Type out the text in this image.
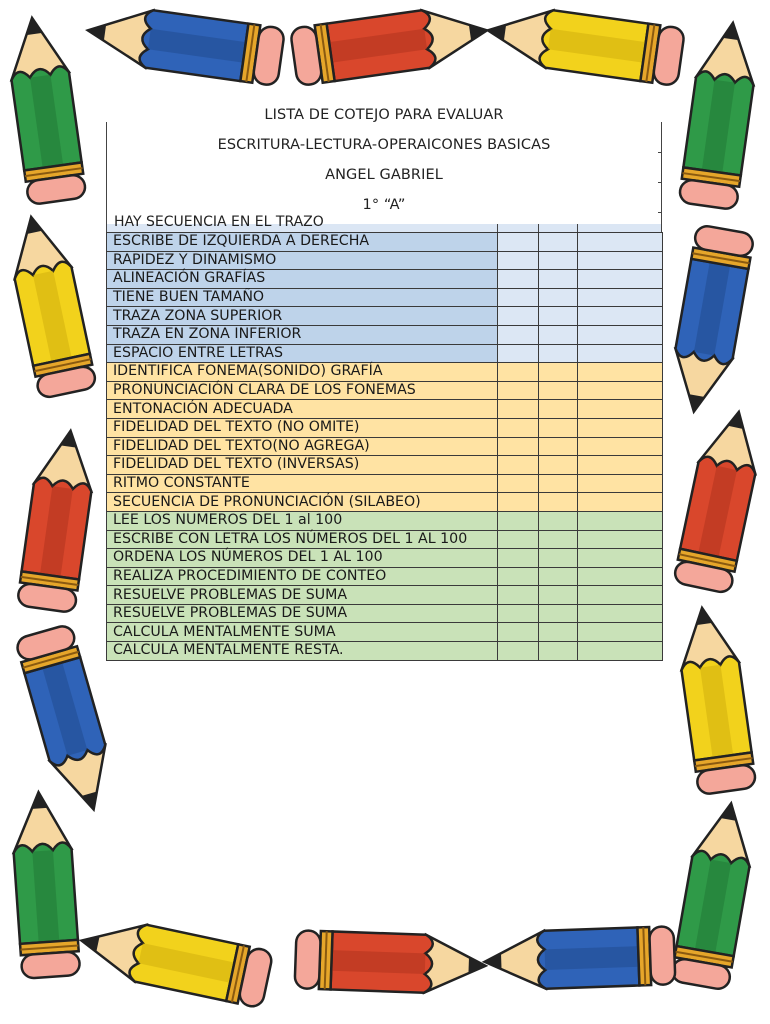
LISTA DE COTEJO PARA EVALUAR
ESCRITURA-LECTURA-OPERAICONES BASICAS
ANGEL GABRIEL
1° “A”
HAY SECUENCIA EN EL TRAZO
ESCRIBE DE IZQUIERDA A DERECHA			
RAPIDEZ Y DINAMISMO			
ALINEACIÓN GRAFÍAS			
TIENE BUEN TAMAÑO			
TRAZA ZONA SUPERIOR			
TRAZA EN ZONA INFERIOR			
ESPACIO ENTRE LETRAS			
IDENTIFICA FONEMA(SONIDO) GRAFÍA			
PRONUNCIACIÓN CLARA DE LOS FONEMAS			
ENTONACIÓN ADECUADA			
FIDELIDAD DEL TEXTO (NO OMITE)			
FIDELIDAD DEL TEXTO(NO AGREGA)			
FIDELIDAD DEL TEXTO (INVERSAS)			
RITMO CONSTANTE			
SECUENCIA DE PRONUNCIACIÓN (SILABEO)			
LEE LOS NUMEROS DEL 1 al 100			
ESCRIBE CON LETRA LOS NÚMEROS DEL 1 AL 100			
ORDENA LOS NÚMEROS DEL 1 AL 100			
REALIZA PROCEDIMIENTO DE CONTEO			
RESUELVE PROBLEMAS DE SUMA			
RESUELVE PROBLEMAS DE SUMA			
CALCULA MENTALMENTE SUMA			
CALCULA MENTALMENTE RESTA.			
